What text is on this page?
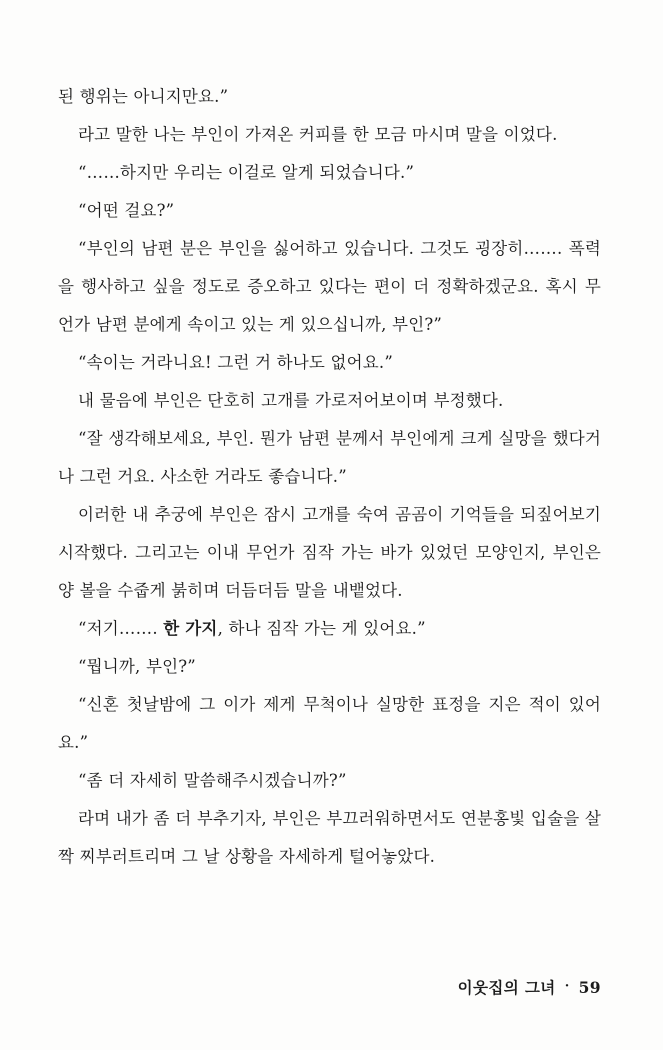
된 행위는 아니지만요.”

라고 말한 나는 부인이 가져온 커피를 한 모금 마시며 말을 이었다.

“……하지만 우리는 이걸로 알게 되었습니다.”

“어떤 걸요?”

“부인의 남편 분은 부인을 싫어하고 있습니다. 그것도 굉장히……. 폭력을 행사하고 싶을 정도로 증오하고 있다는 편이 더 정확하겠군요. 혹시 무언가 남편 분에게 속이고 있는 게 있으십니까, 부인?”

“속이는 거라니요! 그런 거 하나도 없어요.”

내 물음에 부인은 단호히 고개를 가로저어보이며 부정했다.

“잘 생각해보세요, 부인. 뭔가 남편 분께서 부인에게 크게 실망을 했다거나 그런 거요. 사소한 거라도 좋습니다.”

이러한 내 추궁에 부인은 잠시 고개를 숙여 곰곰이 기억들을 되짚어보기 시작했다. 그리고는 이내 무언가 짐작 가는 바가 있었던 모양인지, 부인은 양 볼을 수줍게 붉히며 더듬더듬 말을 내뱉었다.

“저기……. 한 가지, 하나 짐작 가는 게 있어요.”

“뭡니까, 부인?”

“신혼 첫날밤에 그 이가 제게 무척이나 실망한 표정을 지은 적이 있어요.”

“좀 더 자세히 말씀해주시겠습니까?”

라며 내가 좀 더 부추기자, 부인은 부끄러워하면서도 연분홍빛 입술을 살짝 찌부러트리며 그 날 상황을 자세하게 털어놓았다.

이웃집의 그녀 · 59
